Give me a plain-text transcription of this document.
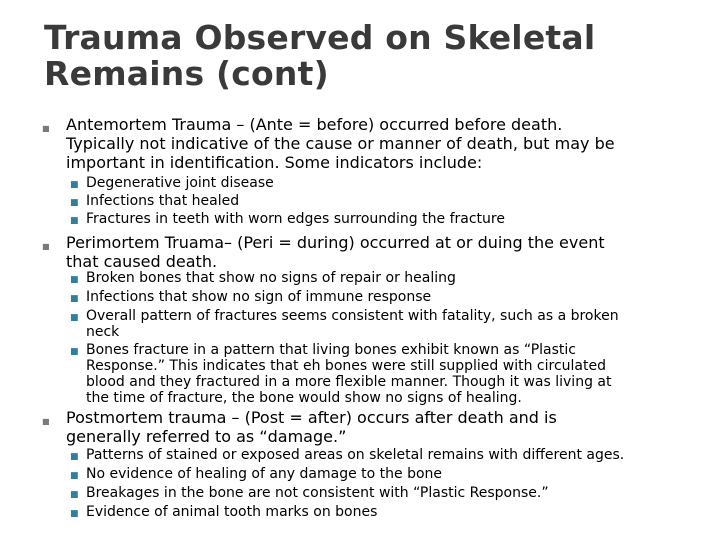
Trauma Observed on Skeletal
Remains (cont)
■ Antemortem Trauma – (Ante = before) occurred before death.
Typically not indicative of the cause or manner of death, but may be
important in identification. Some indicators include:
■ Degenerative joint disease
■ Infections that healed
■ Fractures in teeth with worn edges surrounding the fracture
■ Perimortem Truama– (Peri = during) occurred at or duing the event
that caused death.
■ Broken bones that show no signs of repair or healing
■ Infections that show no sign of immune response
■ Overall pattern of fractures seems consistent with fatality, such as a broken
neck
■ Bones fracture in a pattern that living bones exhibit known as “Plastic
Response.” This indicates that eh bones were still supplied with circulated
blood and they fractured in a more flexible manner. Though it was living at
the time of fracture, the bone would show no signs of healing.
■ Postmortem trauma – (Post = after) occurs after death and is
generally referred to as “damage.”
■ Patterns of stained or exposed areas on skeletal remains with different ages.
■ No evidence of healing of any damage to the bone
■ Breakages in the bone are not consistent with “Plastic Response.”
■ Evidence of animal tooth marks on bones
